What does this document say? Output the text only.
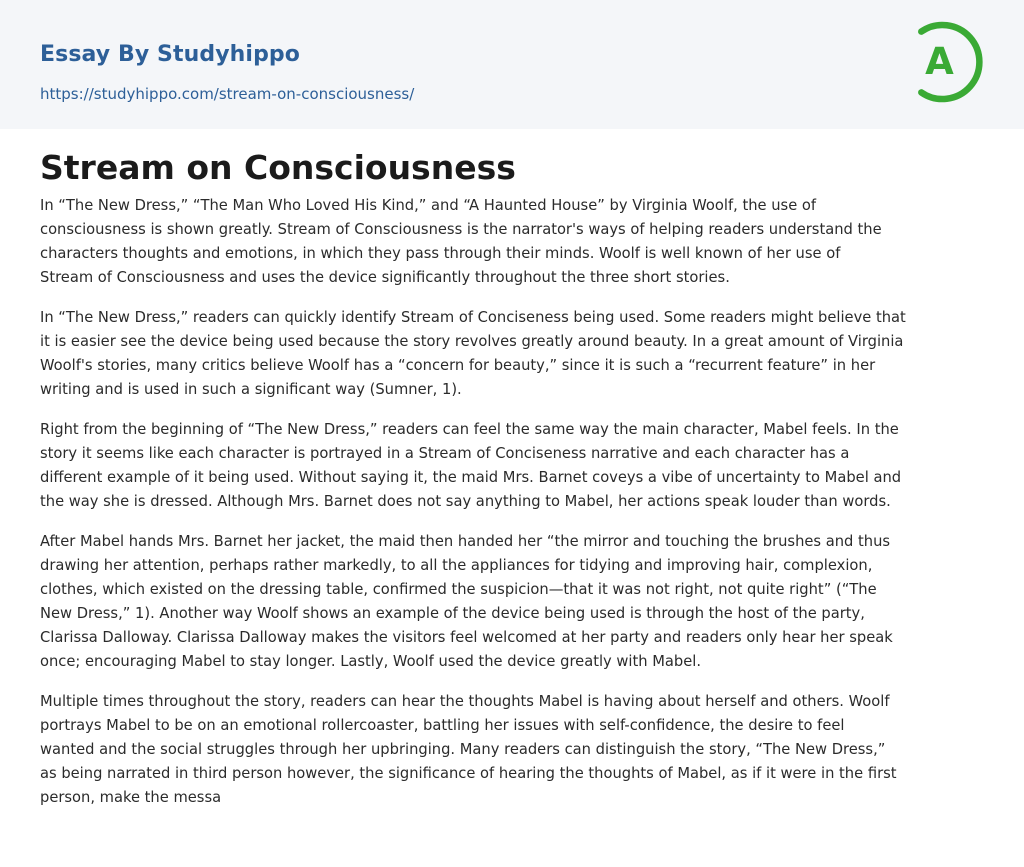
Essay By Studyhippo
https://studyhippo.com/stream-on-consciousness/
A
Stream on Consciousness

In “The New Dress,” “The Man Who Loved His Kind,” and “A Haunted House” by Virginia Woolf, the use of
consciousness is shown greatly. Stream of Consciousness is the narrator's ways of helping readers understand the
characters thoughts and emotions, in which they pass through their minds. Woolf is well known of her use of
Stream of Consciousness and uses the device significantly throughout the three short stories.

In “The New Dress,” readers can quickly identify Stream of Conciseness being used. Some readers might believe that
it is easier see the device being used because the story revolves greatly around beauty. In a great amount of Virginia
Woolf's stories, many critics believe Woolf has a “concern for beauty,” since it is such a “recurrent feature” in her
writing and is used in such a significant way (Sumner, 1).

Right from the beginning of “The New Dress,” readers can feel the same way the main character, Mabel feels. In the
story it seems like each character is portrayed in a Stream of Conciseness narrative and each character has a
different example of it being used. Without saying it, the maid Mrs. Barnet coveys a vibe of uncertainty to Mabel and
the way she is dressed. Although Mrs. Barnet does not say anything to Mabel, her actions speak louder than words.

After Mabel hands Mrs. Barnet her jacket, the maid then handed her “the mirror and touching the brushes and thus
drawing her attention, perhaps rather markedly, to all the appliances for tidying and improving hair, complexion,
clothes, which existed on the dressing table, confirmed the suspicion—that it was not right, not quite right” (“The
New Dress,” 1). Another way Woolf shows an example of the device being used is through the host of the party,
Clarissa Dalloway. Clarissa Dalloway makes the visitors feel welcomed at her party and readers only hear her speak
once; encouraging Mabel to stay longer. Lastly, Woolf used the device greatly with Mabel.

Multiple times throughout the story, readers can hear the thoughts Mabel is having about herself and others. Woolf
portrays Mabel to be on an emotional rollercoaster, battling her issues with self-confidence, the desire to feel
wanted and the social struggles through her upbringing. Many readers can distinguish the story, “The New Dress,”
as being narrated in third person however, the significance of hearing the thoughts of Mabel, as if it were in the first
person, make the messa
